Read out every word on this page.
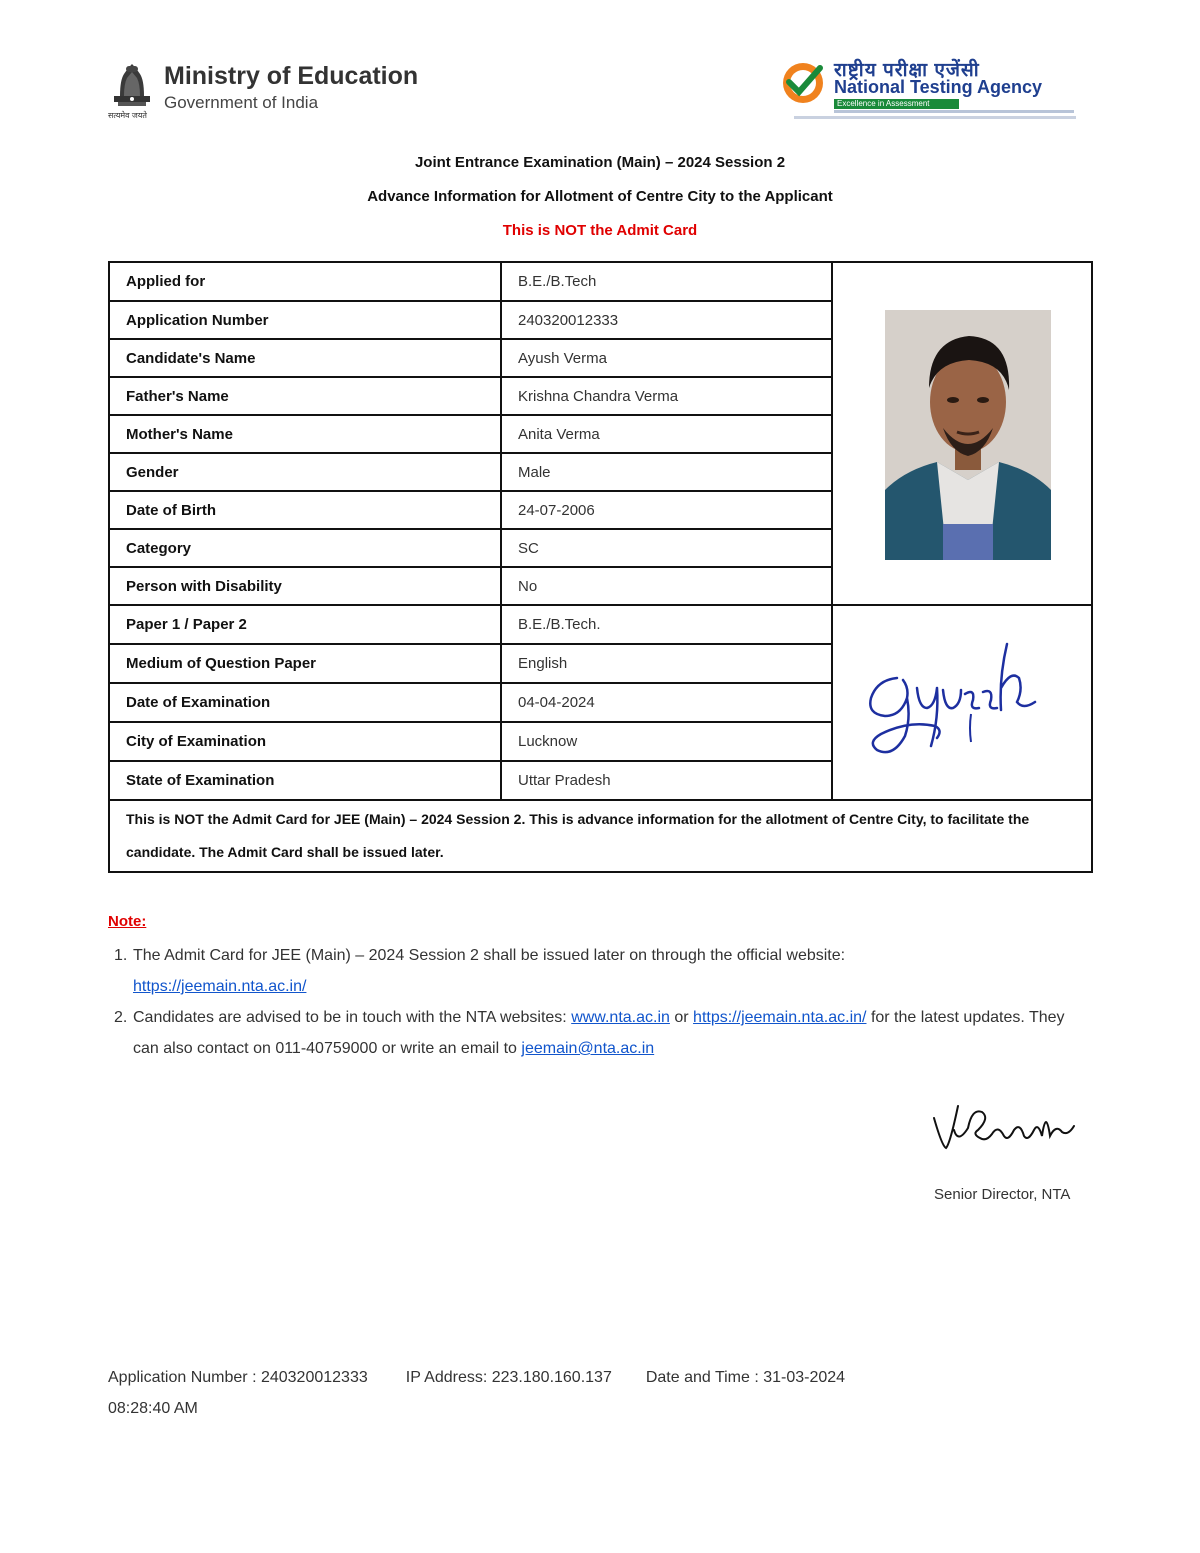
सत्यमेव जयते
Ministry of Education
Government of India
राष्ट्रीय परीक्षा एजेंसी
National Testing Agency
Excellence in Assessment
Joint Entrance Examination (Main) – 2024 Session 2
Advance Information for Allotment of Centre City to the Applicant
This is NOT the Admit Card
Applied for	B.E./B.Tech	

Application Number	240320012333	
Candidate's Name	Ayush Verma	
Father's Name	Krishna Chandra Verma	
Mother's Name	Anita Verma	
Gender	Male	
Date of Birth	24-07-2006	
Category	SC	
Person with Disability	No	
Paper 1 / Paper 2	B.E./B.Tech.	

Medium of Question Paper	English	
Date of Examination	04-04-2024	
City of Examination	Lucknow	
State of Examination	Uttar Pradesh	
This is NOT the Admit Card for JEE (Main) – 2024 Session 2. This is advance information for the allotment of Centre City, to facilitate the candidate. The Admit Card shall be issued later.		
Note:
1. The Admit Card for JEE (Main) – 2024 Session 2 shall be issued later on through the official website:
https://jeemain.nta.ac.in/
2. Candidates are advised to be in touch with the NTA websites: www.nta.ac.in or https://jeemain.nta.ac.in/ for the latest updates. They can also contact on 011-40759000 or write an email to jeemain@nta.ac.in
Senior Director, NTA
Application Number : 240320012333 IP Address: 223.180.160.137 Date and Time : 31-03-2024
08:28:40 AM
